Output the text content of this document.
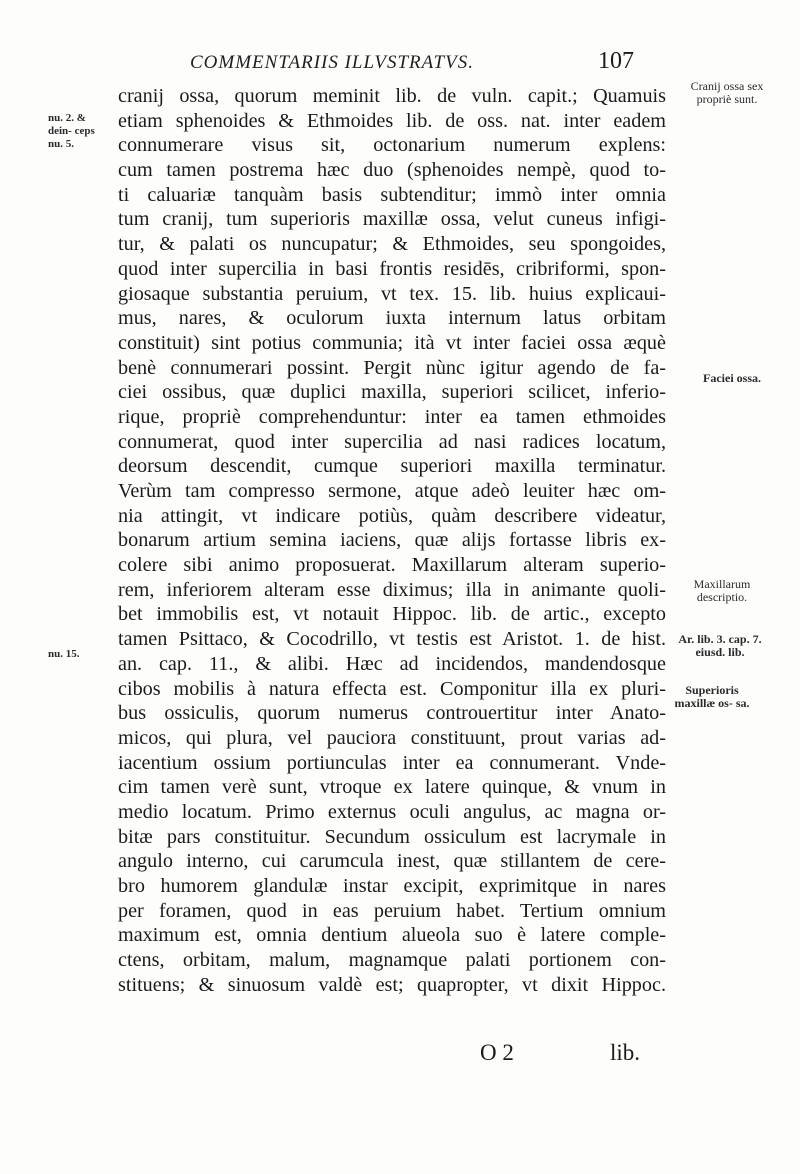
COMMENTARIIS ILLVSTRATVS.	107
nu. 2. & dein- ceps nu. 5.
nu. 15.
Cranij ossa sex propriè sunt.
Faciei ossa.
Maxillarum descriptio.
Ar. lib. 3. cap. 7. eiusd. lib.
Superioris maxillæ os- sa.
cranij ossa, quorum meminit lib. de vuln. capit.; Quamuis
etiam sphenoides & Ethmoides lib. de oss. nat. inter eadem
connumerare visus sit, octonarium numerum explens:
cum tamen postrema hæc duo (sphenoides nempè, quod to-
ti caluariæ tanquàm basis subtenditur; immò inter omnia
tum cranij, tum superioris maxillæ ossa, velut cuneus infigi-
tur, & palati os nuncupatur; & Ethmoides, seu spongoides,
quod inter supercilia in basi frontis residēs, cribriformi, spon-
giosaque substantia peruium, vt tex. 15. lib. huius explicaui-
mus, nares, & oculorum iuxta internum latus orbitam
constituit) sint potius communia; ità vt inter faciei ossa æquè
benè connumerari possint. Pergit nùnc igitur agendo de fa-
ciei ossibus, quæ duplici maxilla, superiori scilicet, inferio-
rique, propriè comprehenduntur: inter ea tamen ethmoides
connumerat, quod inter supercilia ad nasi radices locatum,
deorsum descendit, cumque superiori maxilla terminatur.
Verùm tam compresso sermone, atque adeò leuiter hæc om-
nia attingit, vt indicare potiùs, quàm describere videatur,
bonarum artium semina iaciens, quæ alijs fortasse libris ex-
colere sibi animo proposuerat. Maxillarum alteram superio-
rem, inferiorem alteram esse diximus; illa in animante quoli-
bet immobilis est, vt notauit Hippoc. lib. de artic., excepto
tamen Psittaco, & Cocodrillo, vt testis est Aristot. 1. de hist.
an. cap. 11., & alibi. Hæc ad incidendos, mandendosque
cibos mobilis à natura effecta est. Componitur illa ex pluri-
bus ossiculis, quorum numerus controuertitur inter Anato-
micos, qui plura, vel pauciora constituunt, prout varias ad-
iacentium ossium portiunculas inter ea connumerant. Vnde-
cim tamen verè sunt, vtroque ex latere quinque, & vnum in
medio locatum. Primo externus oculi angulus, ac magna or-
bitæ pars constituitur. Secundum ossiculum est lacrymale in
angulo interno, cui carumcula inest, quæ stillantem de cere-
bro humorem glandulæ instar excipit, exprimitque in nares
per foramen, quod in eas peruium habet. Tertium omnium
maximum est, omnia dentium alueola suo è latere comple-
ctens, orbitam, malum, magnamque palati portionem con-
stituens; & sinuosum valdè est; quapropter, vt dixit Hippoc.
O 2	lib.
